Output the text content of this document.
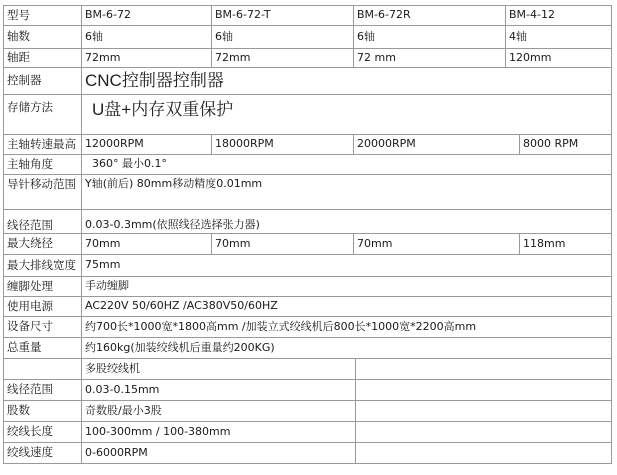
型号	BM-6-72	BM-6-72-T	BM-6-72R	BM-4-12
轴数	6轴	6轴	6轴	4轴
轴距	72mm	72mm	72 mm	120mm
控制器	CNC控制器控制器
存储方法	U盘+内存双重保护
主轴转速最高 12000RPM	18000RPM	20000RPM	8000 RPM
主轴角度	360° 最小0.1°
导针移动范围 Y轴(前后) 80mm移动精度0.01mm
线径范围	0.03-0.3mm(依照线径选择张力器)
最大绕径	70mm	70mm	70mm	118mm
最大排线宽度 75mm
缠脚处理	手动缠脚
使用电源	AC220V 50/60HZ /AC380V50/60HZ
设备尺寸	约700长*1000宽*1800高mm /加装立式绞线机后800长*1000宽*2200高mm
总重量	约160kg(加装绞线机后重量约200KG)
多股绞线机
线径范围	0.03-0.15mm
股数	奇数股/最小3股
绞线长度	100-300mm / 100-380mm
绞线速度	0-6000RPM
